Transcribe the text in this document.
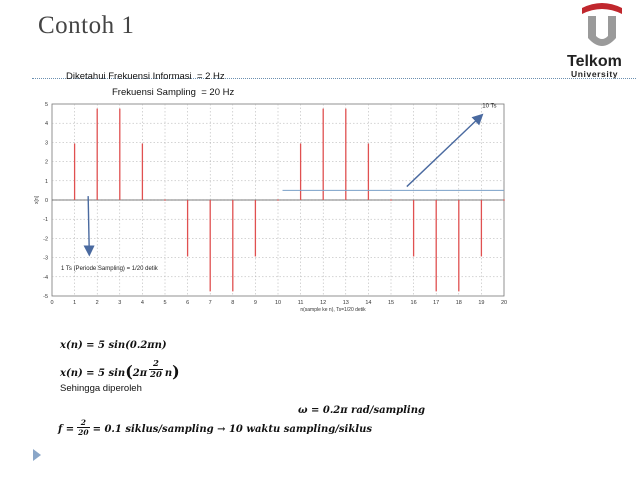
Contoh 1
Telkom
University
Diketahui Frekuensi Informasi  = 2 Hz
Frekuensi Sampling  = 20 Hz
5
4
3
2
1
0
-1
-2
-3
-4
-5
0	1	2	3	4	5	6	7	8	9	10	11	12	13	14	15	16	17	18	19	20
n(sample ke n), Ts=1/20 detik
x[n]
10 Ts
1 Ts (Periode Sampling) = 1/20 detik
x(n) = 5 sin(0.2πn)
x(n) = 5 $\sin(2\pi \frac{2}{20} n)$
Sehingga diperoleh
ω = 0.2π rad/sampling
$f = \frac{2}{20} = 0.1$ siklus/sampling → 10 waktu sampling/siklus
